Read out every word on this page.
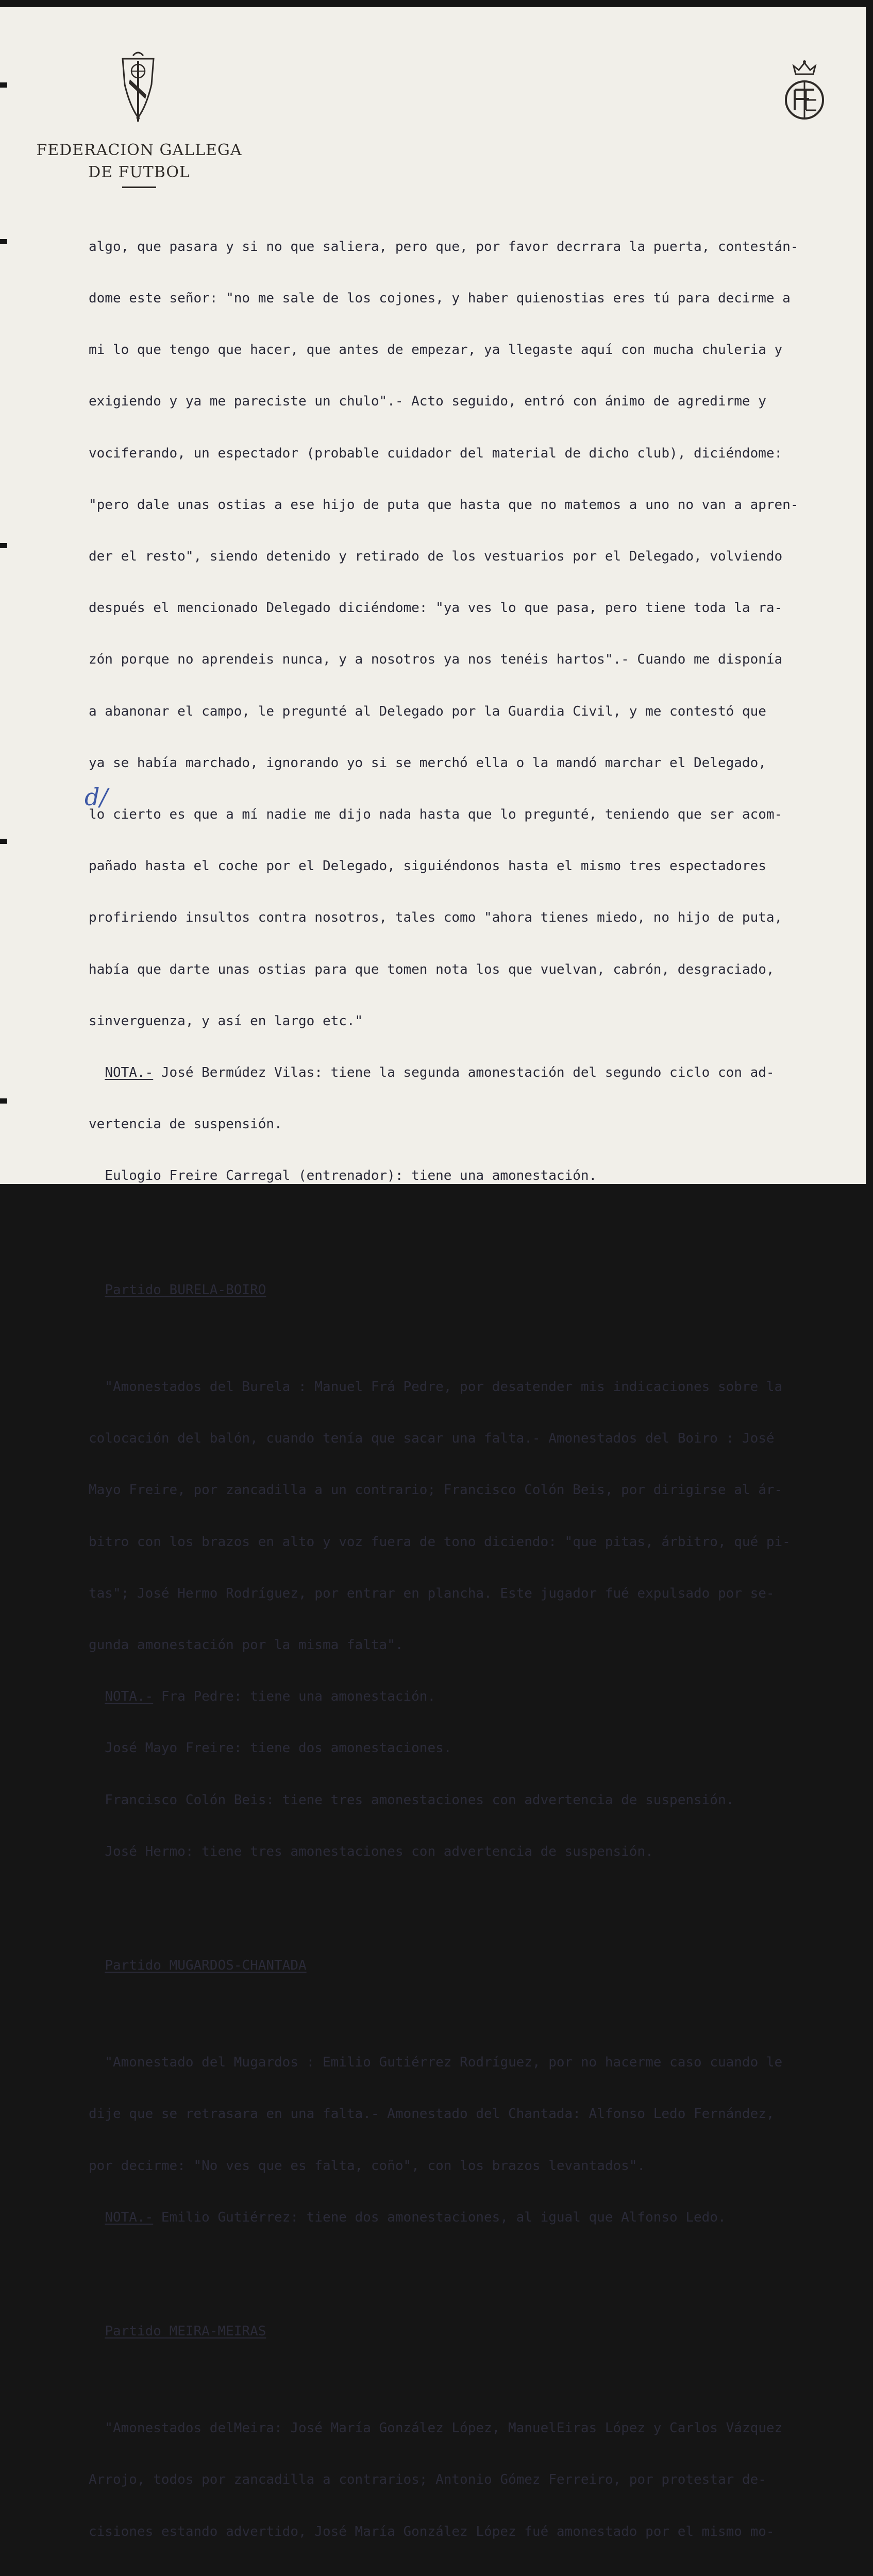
FEDERACION GALLEGA
DE FUTBOL
d/

algo, que pasara y si no que saliera, pero que, por favor decrrara la puerta, contestán-

dome este señor: "no me sale de los cojones, y haber quienostias eres tú para decirme a

mi lo que tengo que hacer, que antes de empezar, ya llegaste aquí con mucha chuleria y

exigiendo y ya me pareciste un chulo".- Acto seguido, entró con ánimo de agredirme y

vociferando, un espectador (probable cuidador del material de dicho club), diciéndome:

"pero dale unas ostias a ese hijo de puta que hasta que no matemos a uno no van a apren-

der el resto", siendo detenido y retirado de los vestuarios por el Delegado, volviendo

después el mencionado Delegado diciéndome: "ya ves lo que pasa, pero tiene toda la ra-

zón porque no aprendeis nunca, y a nosotros ya nos tenéis hartos".- Cuando me disponía

a abanonar el campo, le pregunté al Delegado por la Guardia Civil, y me contestó que

ya se había marchado, ignorando yo si se merchó ella o la mandó marchar el Delegado,

lo cierto es que a mí nadie me dijo nada hasta que lo pregunté, teniendo que ser acom-

pañado hasta el coche por el Delegado, siguiéndonos hasta el mismo tres espectadores

profiriendo insultos contra nosotros, tales como "ahora tienes miedo, no hijo de puta,

había que darte unas ostias para que tomen nota los que vuelvan, cabrón, desgraciado,

sinverguenza, y así en largo etc."

NOTA.- José Bermúdez Vilas: tiene la segunda amonestación del segundo ciclo con ad-

vertencia de suspensión.

Eulogio Freire Carregal (entrenador): tiene una amonestación.

Partido BURELA-BOIRO

"Amonestados del Burela : Manuel Frá Pedre, por desatender mis indicaciones sobre la

colocación del balón, cuando tenía que sacar una falta.- Amonestados del Boiro : José

Mayo Freire, por zancadilla a un contrario; Francisco Colón Beis, por dirigirse al ár-

bitro con los brazos en alto y voz fuera de tono diciendo: "que pitas, árbitro, qué pi-

tas"; José Hermo Rodríguez, por entrar en plancha. Este jugador fué expulsado por se-

gunda amonestación por la misma falta".

NOTA.- Fra Pedre: tiene una amonestación.

José Mayo Freire: tiene dos amonestaciones.

Francisco Colón Beis: tiene tres amonestaciones con advertencia de suspensión.

José Hermo: tiene tres amonestaciones con advertencia de suspensión.

Partido MUGARDOS-CHANTADA

"Amonestado del Mugardos : Emilio Gutiérrez Rodríguez, por no hacerme caso cuando le

dije que se retrasara en una falta.- Amonestado del Chantada: Alfonso Ledo Fernández,

por decirme: "No ves que es falta, coño", con los brazos levantados".

NOTA.- Emilio Gutiérrez: tiene dos amonestaciones, al igual que Alfonso Ledo.

Partido MEIRA-MEIRAS

"Amonestados delMeira: José María González López, ManuelEiras López y Carlos Vázquez

Arrojo, todos por zancadilla a contrarios; Antonio Gómez Ferreiro, por protestar de-

cisiones estando advertido, José María González López fué amonestado por el mismo mo-
